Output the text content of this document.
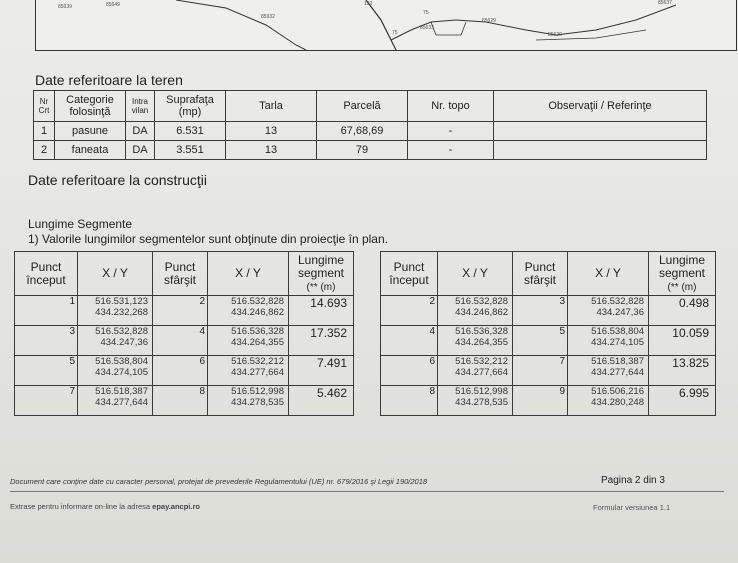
85639	85649
85932
122
75
75
85633
85629
85629
85637
Date referitoare la teren
Nr Crt	Categorie folosinţă	Intra vilan	Suprafaţa (mp)	Tarla	Parcelă	Nr. topo	Observaţii / Referinţe
1	pasune	DA	6.531	13	67,68,69	-	
2	faneata	DA	3.551	13	79	-	
Date referitoare la construcţii
Lungime Segmente
1) Valorile lungimilor segmentelor sunt obţinute din proiecţie în plan.
Punct început	X / Y	Punct sfârşit	X / Y	Lungime segment
(** (m)
1	516.531,123
434.232,268	2	516.532,828
434.246,862	14.693
3	516.532,828
434.247,36	4	516.536,328
434.264,355	17.352
5	516.538,804
434.274,105	6	516.532,212
434.277,664	7.491
7	516.518,387
434.277,644	8	516.512,998
434.278,535	5.462
Punct început	X / Y	Punct sfârşit	X / Y	Lungime segment
(** (m)
2	516.532,828
434.246,862	3	516.532,828
434.247,36	0.498
4	516.536,328
434.264,355	5	516.538,804
434.274,105	10.059
6	516.532,212
434.277,664	7	516.518,387
434.277,644	13.825
8	516.512,998
434.278,535	9	516.506,216
434.280,248	6.995
Document care conţine date cu caracter personal, protejat de prevederile Regulamentului (UE) nr. 679/2016 şi Legii 190/2018	Pagina 2 din 3
Extrase pentru informare on-line la adresa epay.ancpi.ro	Formular versiunea 1.1
